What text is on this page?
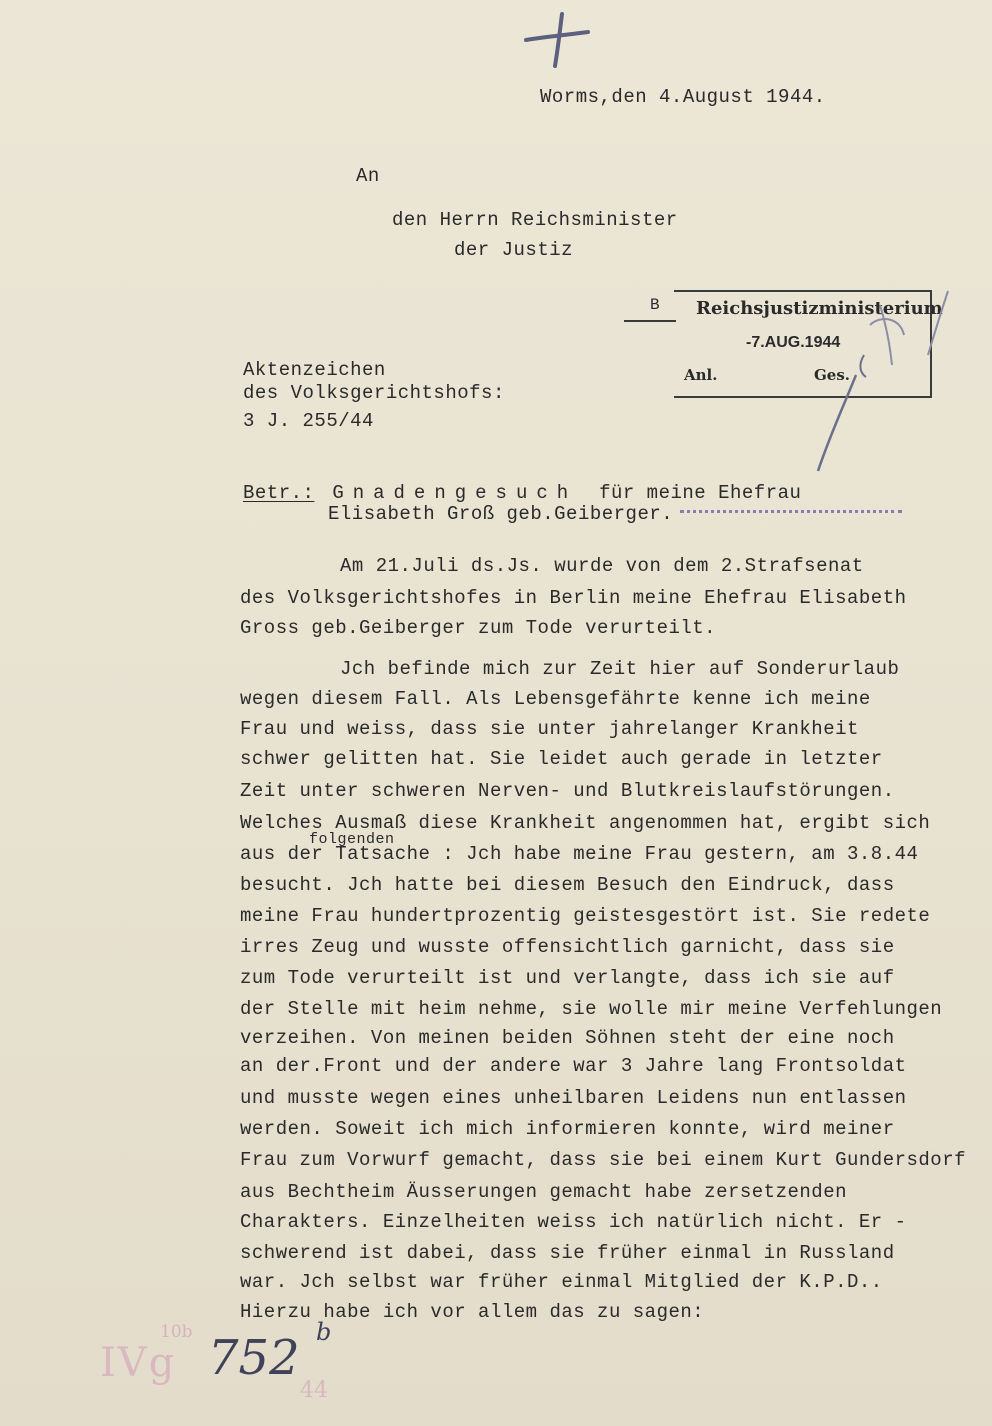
Worms,den 4.August 1944.
An
den Herrn Reichsminister
der Justiz
B Reichsjustizministerium
-7.AUG.1944
Anl.	Ges.
Aktenzeichen
des Volksgerichtshofs:
3 J. 255/44
Betr.: Gnadengesuch für meine Ehefrau
Elisabeth Groß geb.Geiberger.
Am 21.Juli ds.Js. wurde von dem 2.Strafsenat
des Volksgerichtshofes in Berlin meine Ehefrau Elisabeth
Gross geb.Geiberger zum Tode verurteilt.
Jch befinde mich zur Zeit hier auf Sonderurlaub
wegen diesem Fall. Als Lebensgefährte kenne ich meine
Frau und weiss, dass sie unter jahrelanger Krankheit
schwer gelitten hat. Sie leidet auch gerade in letzter
Zeit unter schweren Nerven- und Blutkreislaufstörungen.
Welches Ausmaß diese Krankheit angenommen hat, ergibt sich
folgenden
aus der Tatsache : Jch habe meine Frau gestern, am 3.8.44
besucht. Jch hatte bei diesem Besuch den Eindruck, dass
meine Frau hundertprozentig geistesgestört ist. Sie redete
irres Zeug und wusste offensichtlich garnicht, dass sie
zum Tode verurteilt ist und verlangte, dass ich sie auf
der Stelle mit heim nehme, sie wolle mir meine Verfehlungen
verzeihen. Von meinen beiden Söhnen steht der eine noch
an der.Front und der andere war 3 Jahre lang Frontsoldat
und musste wegen eines unheilbaren Leidens nun entlassen
werden. Soweit ich mich informieren konnte, wird meiner
Frau zum Vorwurf gemacht, dass sie bei einem Kurt Gundersdorf
aus Bechtheim Äusserungen gemacht habe zersetzenden
Charakters. Einzelheiten weiss ich natürlich nicht. Er -
schwerend ist dabei, dass sie früher einmal in Russland
war. Jch selbst war früher einmal Mitglied der K.P.D..
Hierzu habe ich vor allem das zu sagen:
IVg
10b
44
752 b
